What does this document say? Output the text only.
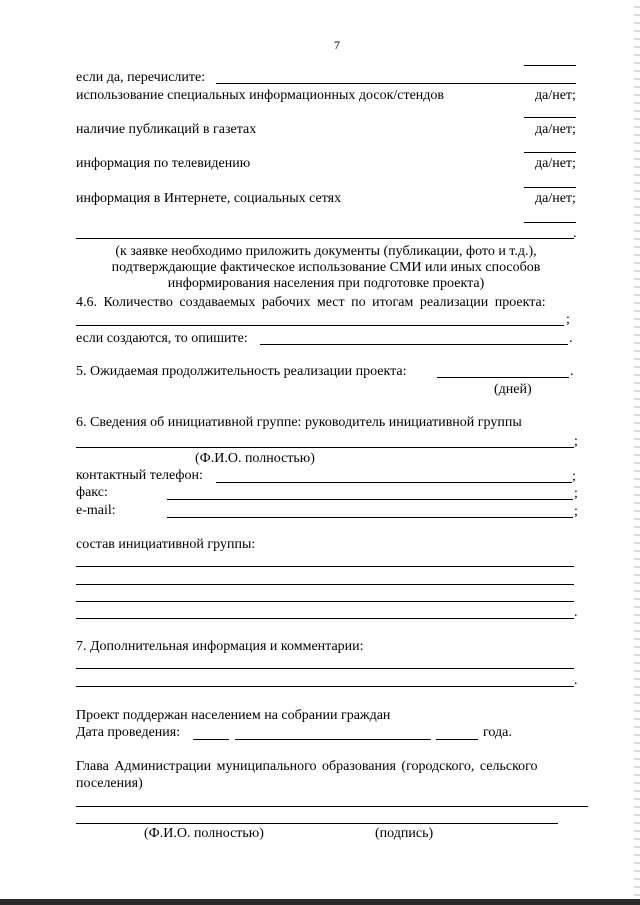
7
если да, перечислите:
использование специальных информационных досок/стендов	да/нет;
наличие публикаций в газетах	да/нет;
информация по телевидению	да/нет;
информация в Интернете, социальных сетях	да/нет;
.
(к заявке необходимо приложить документы (публикации, фото и т.д.),
подтверждающие фактическое использование СМИ или иных способов
информирования населения при подготовке проекта)
4.6. Количество создаваемых рабочих мест по итогам реализации проекта:
;
если создаются, то опишите:	.
5. Ожидаемая продолжительность реализации проекта:	.
(дней)
6. Сведения об инициативной группе: руководитель инициативной группы
;
(Ф.И.О. полностью)
контактный телефон:	;
факс:	;
e-mail:	;
состав инициативной группы:
.
7. Дополнительная информация и комментарии:
.
Проект поддержан населением на собрании граждан
Дата проведения:	года.
Глава Администрации муниципального образования (городского, сельского
поселения)
(Ф.И.О. полностью)	(подпись)
